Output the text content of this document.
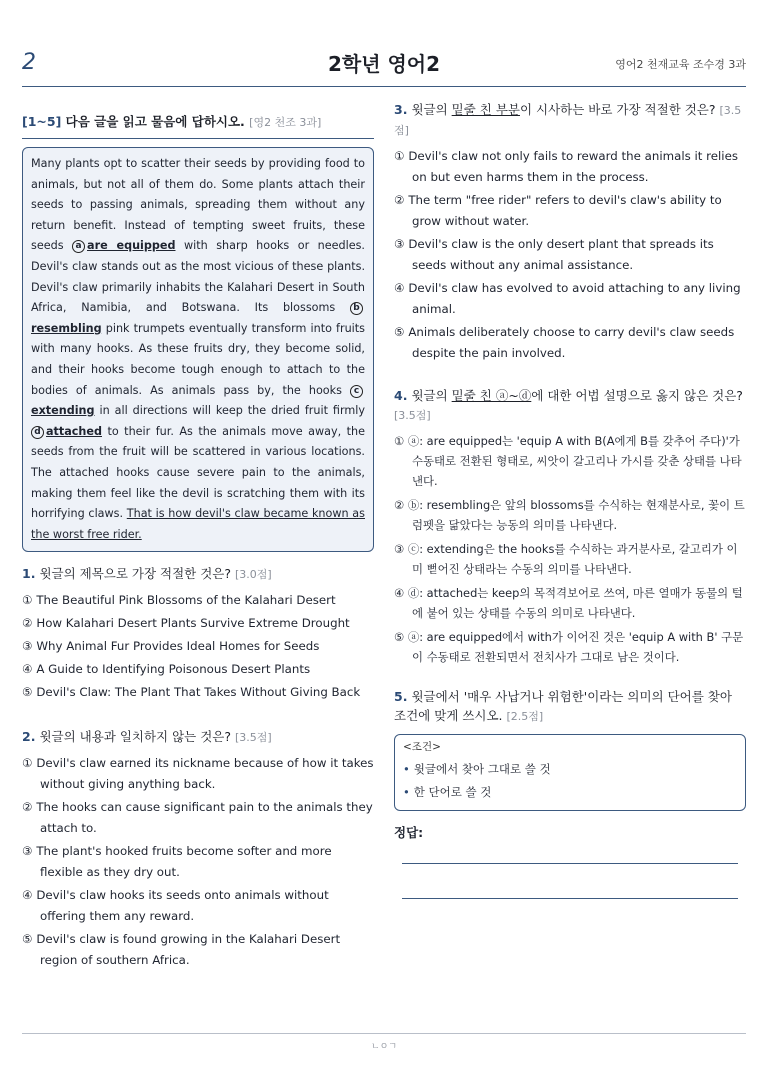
2	2학년 영어2	영어2 천재교육 조수경 3과
[1~5] 다음 글을 읽고 물음에 답하시오. [영2 천조 3과]
Many plants opt to scatter their seeds by providing food to animals, but not all of them do. Some plants attach their seeds to passing animals, spreading them without any return benefit. Instead of tempting sweet fruits, these seeds a are equipped with sharp hooks or needles. Devil's claw stands out as the most vicious of these plants. Devil's claw primarily inhabits the Kalahari Desert in South Africa, Namibia, and Botswana. Its blossoms bresembling pink trumpets eventually transform into fruits with many hooks. As these fruits dry, they become solid, and their hooks become tough enough to attach to the bodies of animals. As animals pass by, the hooks cextending in all directions will keep the dried fruit firmly d attached to their fur. As the animals move away, the seeds from the fruit will be scattered in various locations. The attached hooks cause severe pain to the animals, making them feel like the devil is scratching them with its horrifying claws. That is how devil's claw became known as the worst free rider.
1. 윗글의 제목으로 가장 적절한 것은? [3.0점]
① The Beautiful Pink Blossoms of the Kalahari Desert
② How Kalahari Desert Plants Survive Extreme Drought
③ Why Animal Fur Provides Ideal Homes for Seeds
④ A Guide to Identifying Poisonous Desert Plants
⑤ Devil's Claw: The Plant That Takes Without Giving Back
2. 윗글의 내용과 일치하지 않는 것은? [3.5점]
① Devil's claw earned its nickname because of how it takes without giving anything back.
② The hooks can cause significant pain to the animals they attach to.
③ The plant's hooked fruits become softer and more flexible as they dry out.
④ Devil's claw hooks its seeds onto animals without offering them any reward.
⑤ Devil's claw is found growing in the Kalahari Desert region of southern Africa.
3. 윗글의 밑줄 친 부분이 시사하는 바로 가장 적절한 것은? [3.5점]
① Devil's claw not only fails to reward the animals it relies on but even harms them in the process.
② The term "free rider" refers to devil's claw's ability to grow without water.
③ Devil's claw is the only desert plant that spreads its seeds without any animal assistance.
④ Devil's claw has evolved to avoid attaching to any living animal.
⑤ Animals deliberately choose to carry devil's claw seeds despite the pain involved.
4. 윗글의 밑줄 친 ⓐ~ⓓ에 대한 어법 설명으로 옳지 않은 것은? [3.5점]
① ⓐ: are equipped는 'equip A with B(A에게 B를 갖추어 주다)'가 수동태로 전환된 형태로, 씨앗이 갈고리나 가시를 갖춘 상태를 나타낸다.
② ⓑ: resembling은 앞의 blossoms를 수식하는 현재분사로, 꽃이 트럼펫을 닮았다는 능동의 의미를 나타낸다.
③ ⓒ: extending은 the hooks를 수식하는 과거분사로, 갈고리가 이미 뻗어진 상태라는 수동의 의미를 나타낸다.
④ ⓓ: attached는 keep의 목적격보어로 쓰여, 마른 열매가 동물의 털에 붙어 있는 상태를 수동의 의미로 나타낸다.
⑤ ⓐ: are equipped에서 with가 이어진 것은 'equip A with B' 구문이 수동태로 전환되면서 전치사가 그대로 남은 것이다.
5. 윗글에서 '매우 사납거나 위험한'이라는 의미의 단어를 찾아 조건에 맞게 쓰시오. [2.5점]
<조건>
• 윗글에서 찾아 그대로 쓸 것
• 한 단어로 쓸 것
정답:
ㄴㅇㄱ
